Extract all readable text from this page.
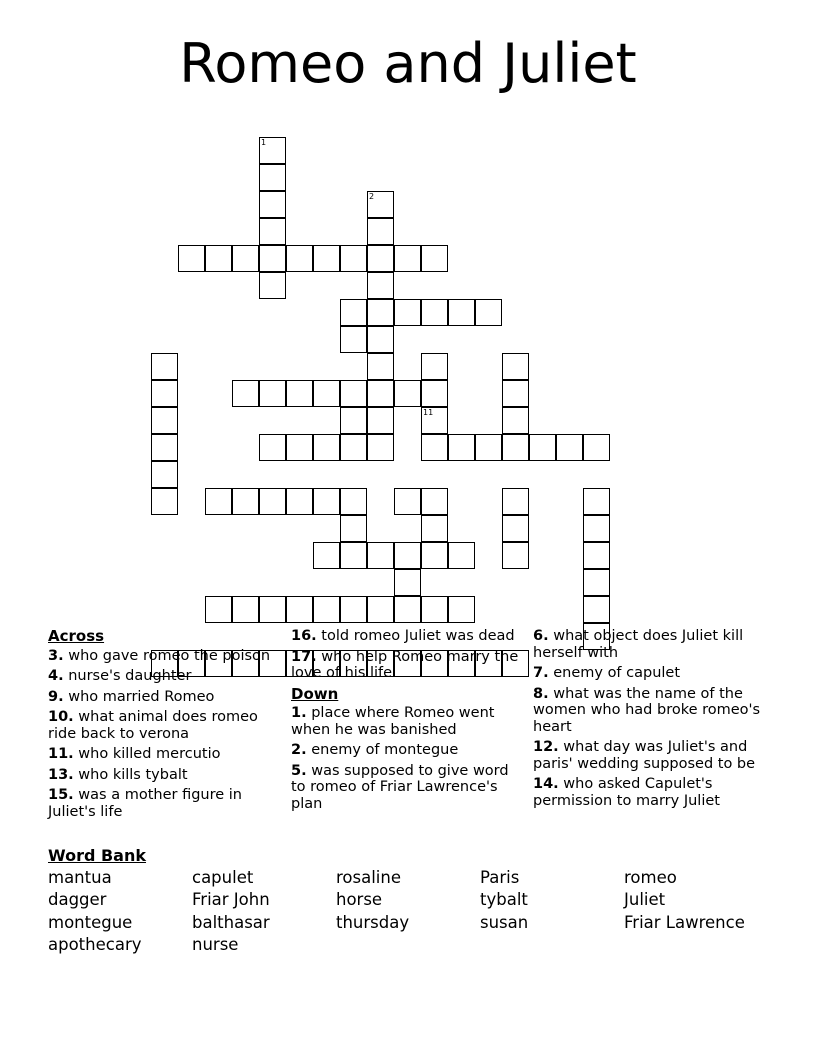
Romeo and Juliet
1
2
11
Across
3. who gave romeo the poison
4. nurse's daughter
9. who married Romeo
10. what animal does romeo ride back to verona
11. who killed mercutio
13. who kills tybalt
15. was a mother figure in Juliet's life
16. told romeo Juliet was dead
17. who help Romeo marry the love of his life
Down
1. place where Romeo went when he was banished
2. enemy of montegue
5. was supposed to give word to romeo of Friar Lawrence's plan
6. what object does Juliet kill herself with
7. enemy of capulet
8. what was the name of the women who had broke romeo's heart
12. what day was Juliet's and paris' wedding supposed to be
14. who asked Capulet's permission to marry Juliet
Word Bank
mantua	capulet	rosaline	Paris	romeo
dagger	Friar John	horse	tybalt	Juliet
montegue	balthasar	thursday	susan	Friar Lawrence
apothecary	nurse
